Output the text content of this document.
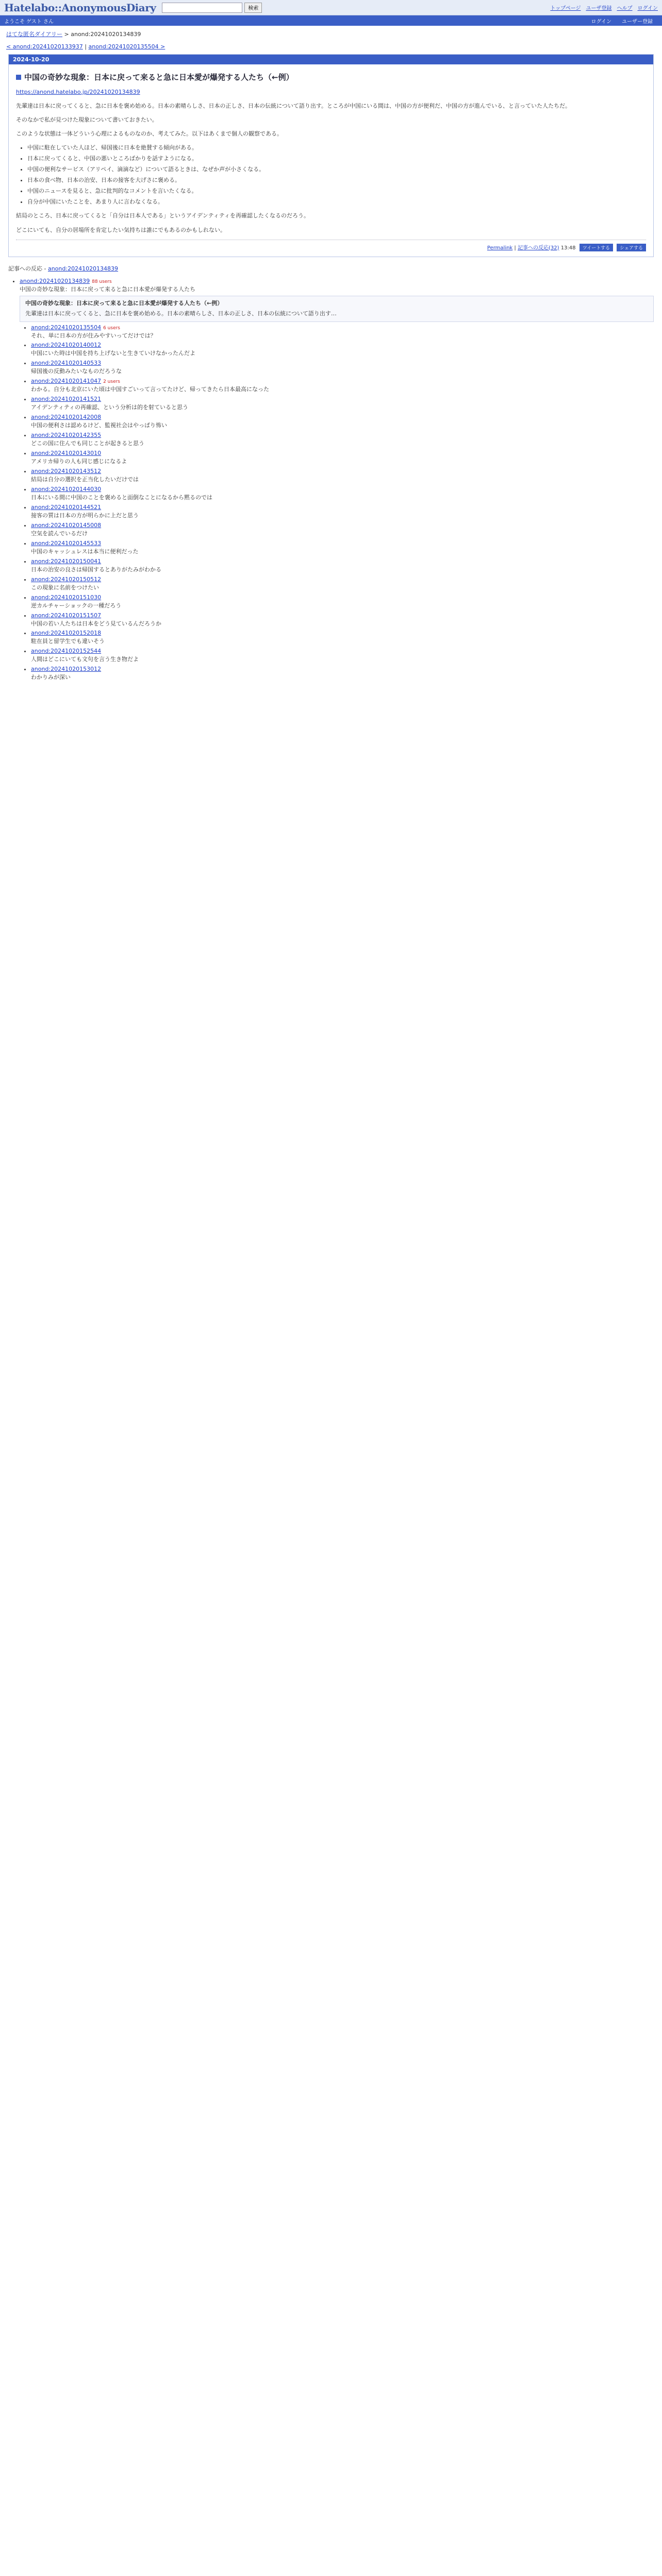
Hatelabo::AnonymousDiary	検索	トップページ ユーザ登録 ヘルプ ログイン
ようこそ ゲスト さん	ログイン ユーザー登録
はてな匿名ダイアリー > anond:20241020134839
< anond:20241020133937 | anond:20241020135504 >
2024-10-20
中国の奇妙な現象：日本に戻って来ると急に日本愛が爆発する人たち（←例）

https://anond.hatelabo.jp/20241020134839

先輩達は日本に戻ってくると、急に日本を褒め始める。日本の素晴らしさ、日本の正しさ、日本の伝統について語り出す。ところが中国にいる間は、中国の方が便利だ、中国の方が進んでいる、と言っていた人たちだ。

そのなかで私が見つけた現象について書いておきたい。

このような状態は一体どういう心理によるものなのか、考えてみた。以下はあくまで個人の観察である。

• 中国に駐在していた人ほど、帰国後に日本を絶賛する傾向がある。
• 日本に戻ってくると、中国の悪いところばかりを話すようになる。
• 中国の便利なサービス（アリペイ、滴滴など）について語るときは、なぜか声が小さくなる。
• 日本の食べ物、日本の治安、日本の接客を大げさに褒める。
• 中国のニュースを見ると、急に批判的なコメントを言いたくなる。
• 自分が中国にいたことを、あまり人に言わなくなる。

結局のところ、日本に戻ってくると「自分は日本人である」というアイデンティティを再確認したくなるのだろう。

どこにいても、自分の居場所を肯定したい気持ちは誰にでもあるのかもしれない。

Permalink | 記事への反応(32) 13:48 ツイートする シェアする
記事への反応 - anond:20241020134839
• anond:20241020134839 88 users
中国の奇妙な現象：日本に戻って来ると急に日本愛が爆発する人たち
中国の奇妙な現象：日本に戻って来ると急に日本愛が爆発する人たち（←例）
先輩達は日本に戻ってくると、急に日本を褒め始める。日本の素晴らしさ、日本の正しさ、日本の伝統について語り出す…
• anond:20241020135504 6 users
それ、単に日本の方が住みやすいってだけでは？
• anond:20241020140012
中国にいた時は中国を持ち上げないと生きていけなかったんだよ
• anond:20241020140533
帰国後の反動みたいなものだろうな
• anond:20241020141047 2 users
わかる。自分も北京にいた頃は中国すごいって言ってたけど、帰ってきたら日本最高になった
• anond:20241020141521
アイデンティティの再確認、という分析は的を射ていると思う
• anond:20241020142008
中国の便利さは認めるけど、監視社会はやっぱり怖い
• anond:20241020142355
どこの国に住んでも同じことが起きると思う
• anond:20241020143010
アメリカ帰りの人も同じ感じになるよ
• anond:20241020143512
結局は自分の選択を正当化したいだけでは
• anond:20241020144030
日本にいる間に中国のことを褒めると面倒なことになるから黙るのでは
• anond:20241020144521
接客の質は日本の方が明らかに上だと思う
• anond:20241020145008
空気を読んでいるだけ
• anond:20241020145533
中国のキャッシュレスは本当に便利だった
• anond:20241020150041
日本の治安の良さは帰国するとありがたみがわかる
• anond:20241020150512
この現象に名前をつけたい
• anond:20241020151030
逆カルチャーショックの一種だろう
• anond:20241020151507
中国の若い人たちは日本をどう見ているんだろうか
• anond:20241020152018
駐在員と留学生でも違いそう
• anond:20241020152544
人間はどこにいても文句を言う生き物だよ
• anond:20241020153012
わかりみが深い
